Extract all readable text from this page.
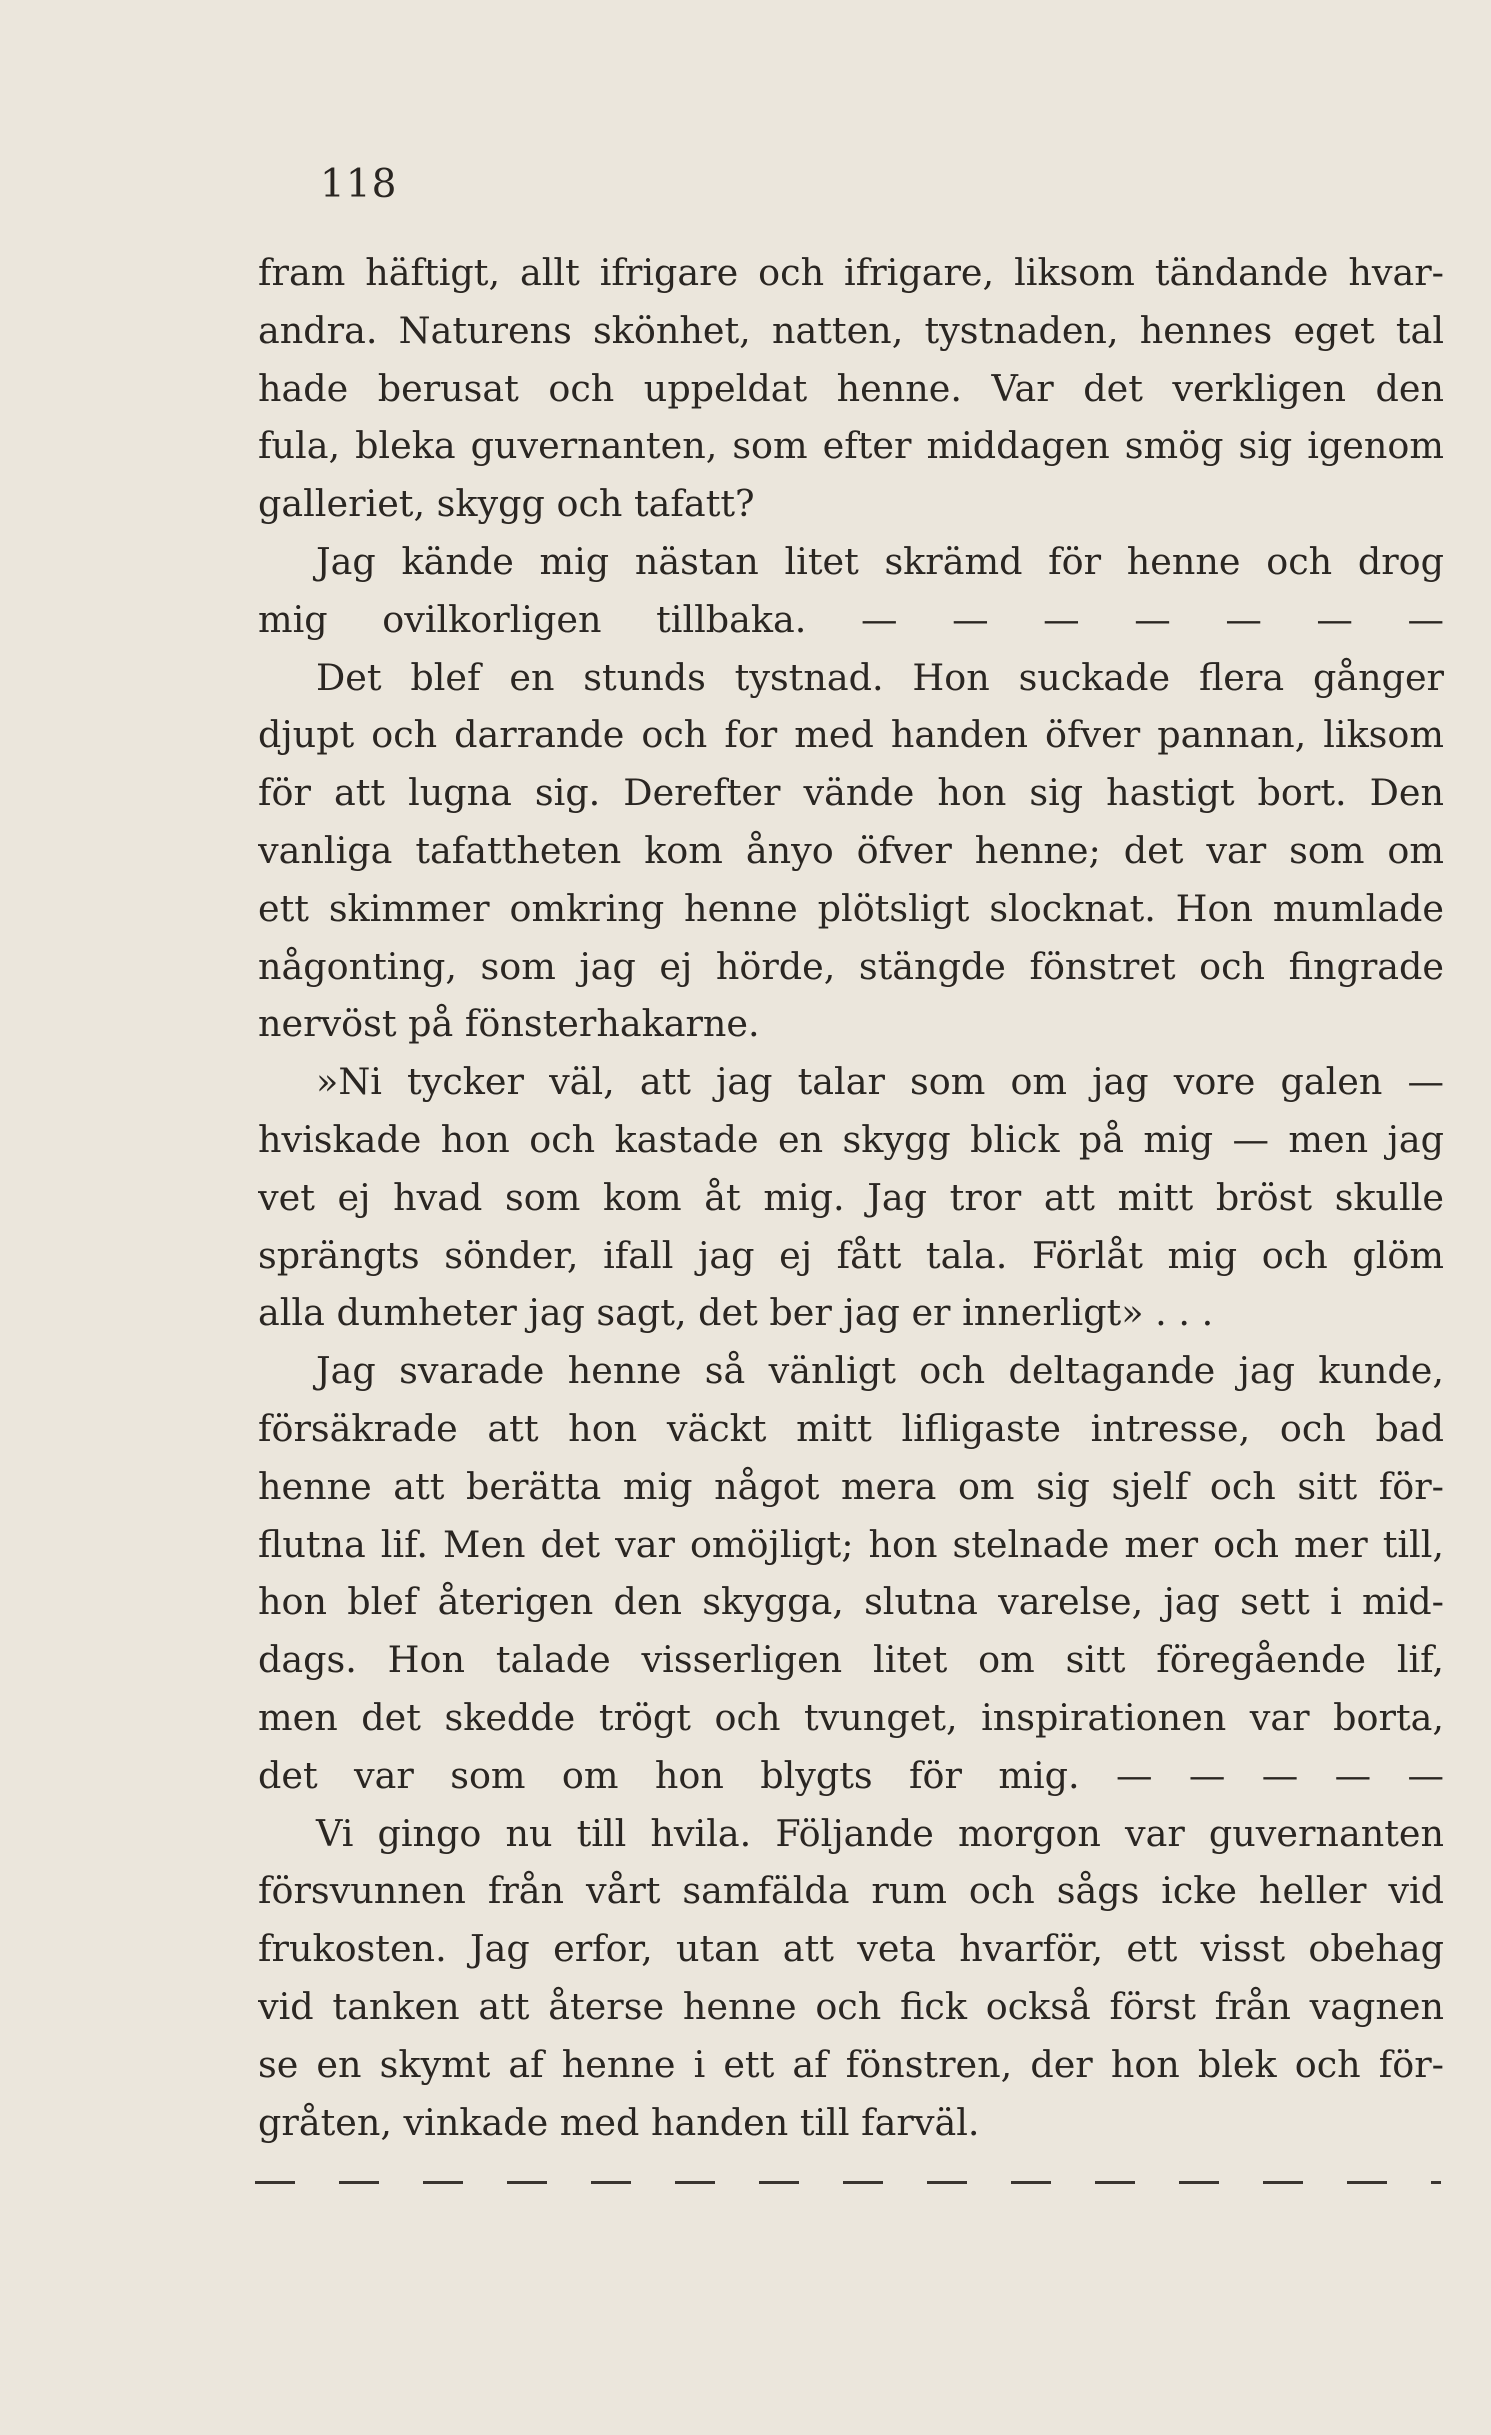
118
fram häftigt, allt ifrigare och ifrigare, liksom tändande hvar-
andra. Naturens skönhet, natten, tystnaden, hennes eget tal
hade berusat och uppeldat henne. Var det verkligen den
fula, bleka guvernanten, som efter middagen smög sig igenom
galleriet, skygg och tafatt?
Jag kände mig nästan litet skrämd för henne och drog
mig ovilkorligen tillbaka. — — — — — — —
Det blef en stunds tystnad. Hon suckade flera gånger
djupt och darrande och for med handen öfver pannan, liksom
för att lugna sig. Derefter vände hon sig hastigt bort. Den
vanliga tafattheten kom ånyo öfver henne; det var som om
ett skimmer omkring henne plötsligt slocknat. Hon mumlade
någonting, som jag ej hörde, stängde fönstret och fingrade
nervöst på fönsterhakarne.
»Ni tycker väl, att jag talar som om jag vore galen —
hviskade hon och kastade en skygg blick på mig — men jag
vet ej hvad som kom åt mig. Jag tror att mitt bröst skulle
sprängts sönder, ifall jag ej fått tala. Förlåt mig och glöm
alla dumheter jag sagt, det ber jag er innerligt» . . .
Jag svarade henne så vänligt och deltagande jag kunde,
försäkrade att hon väckt mitt lifligaste intresse, och bad
henne att berätta mig något mera om sig sjelf och sitt för-
flutna lif. Men det var omöjligt; hon stelnade mer och mer till,
hon blef återigen den skygga, slutna varelse, jag sett i mid-
dags. Hon talade visserligen litet om sitt föregående lif,
men det skedde trögt och tvunget, inspirationen var borta,
det var som om hon blygts för mig. — — — — —
Vi gingo nu till hvila. Följande morgon var guvernanten
försvunnen från vårt samfälda rum och sågs icke heller vid
frukosten. Jag erfor, utan att veta hvarför, ett visst obehag
vid tanken att återse henne och fick också först från vagnen
se en skymt af henne i ett af fönstren, der hon blek och för-
gråten, vinkade med handen till farväl.
